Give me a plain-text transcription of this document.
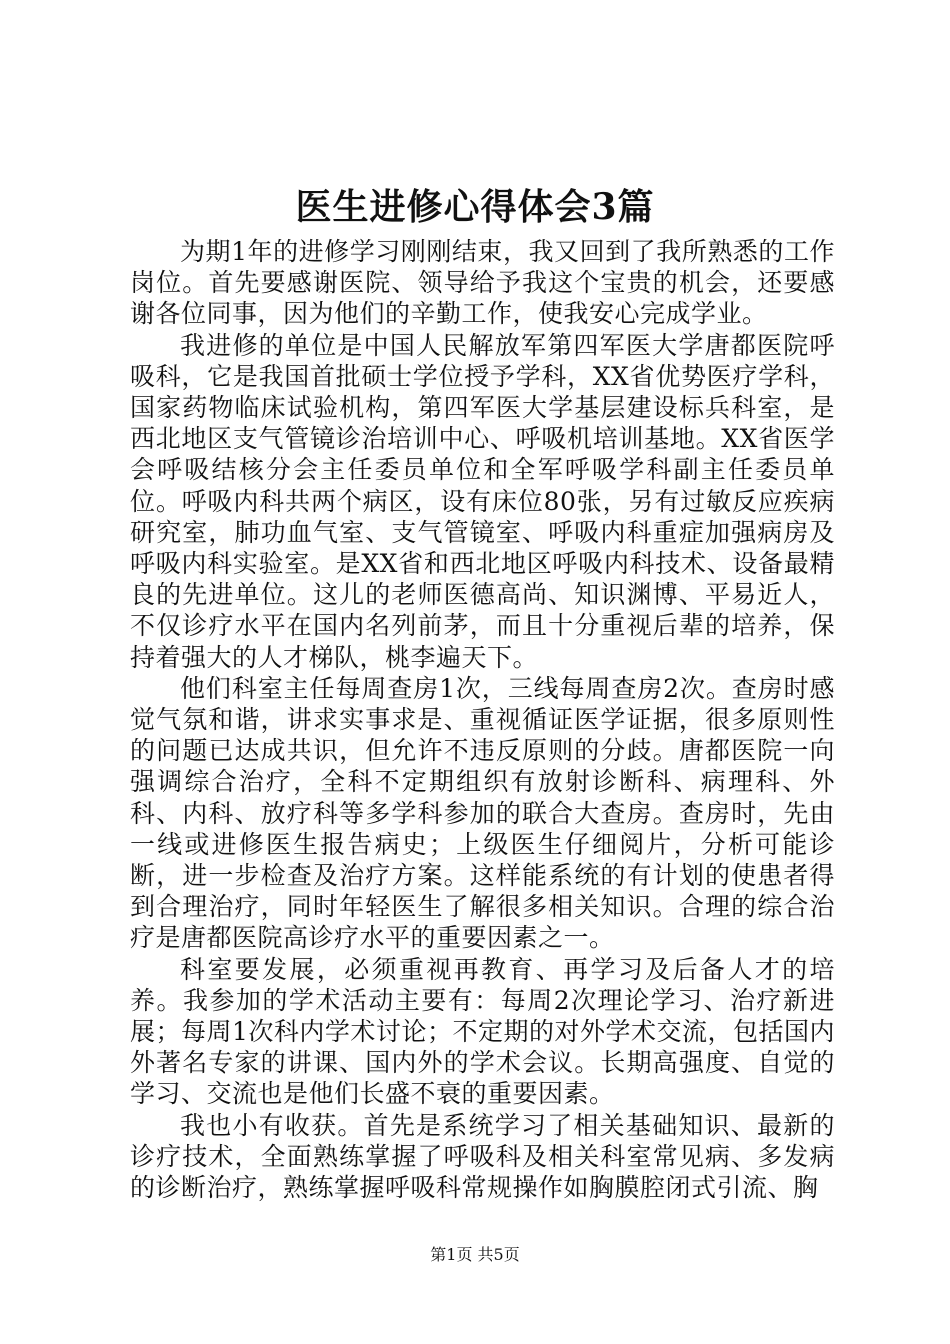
医生进修心得体会3篇

为期1年的进修学习刚刚结束，我又回到了我所熟悉的工作岗位。首先要感谢医院、领导给予我这个宝贵的机会，还要感谢各位同事，因为他们的辛勤工作，使我安心完成学业。

我进修的单位是中国人民解放军第四军医大学唐都医院呼吸科，它是我国首批硕士学位授予学科，XX省优势医疗学科，国家药物临床试验机构，第四军医大学基层建设标兵科室，是西北地区支气管镜诊治培训中心、呼吸机培训基地。XX省医学会呼吸结核分会主任委员单位和全军呼吸学科副主任委员单位。呼吸内科共两个病区，设有床位80张，另有过敏反应疾病研究室，肺功血气室、支气管镜室、呼吸内科重症加强病房及呼吸内科实验室。是XX省和西北地区呼吸内科技术、设备最精良的先进单位。这儿的老师医德高尚、知识渊博、平易近人，不仅诊疗水平在国内名列前茅，而且十分重视后辈的培养，保持着强大的人才梯队，桃李遍天下。

他们科室主任每周查房1次，三线每周查房2次。查房时感觉气氛和谐，讲求实事求是、重视循证医学证据，很多原则性的问题已达成共识，但允许不违反原则的分歧。唐都医院一向强调综合治疗，全科不定期组织有放射诊断科、病理科、外科、内科、放疗科等多学科参加的联合大查房。查房时，先由一线或进修医生报告病史；上级医生仔细阅片，分析可能诊断，进一步检查及治疗方案。这样能系统的有计划的使患者得到合理治疗，同时年轻医生了解很多相关知识。合理的综合治疗是唐都医院高诊疗水平的重要因素之一。

科室要发展，必须重视再教育、再学习及后备人才的培养。我参加的学术活动主要有：每周2次理论学习、治疗新进展；每周1次科内学术讨论；不定期的对外学术交流，包括国内外著名专家的讲课、国内外的学术会议。长期高强度、自觉的学习、交流也是他们长盛不衰的重要因素。

我也小有收获。首先是系统学习了相关基础知识、最新的诊疗技术，全面熟练掌握了呼吸科及相关科室常见病、多发病的诊断治疗，熟练掌握呼吸科常规操作如胸膜腔闭式引流、胸

第1页 共5页
